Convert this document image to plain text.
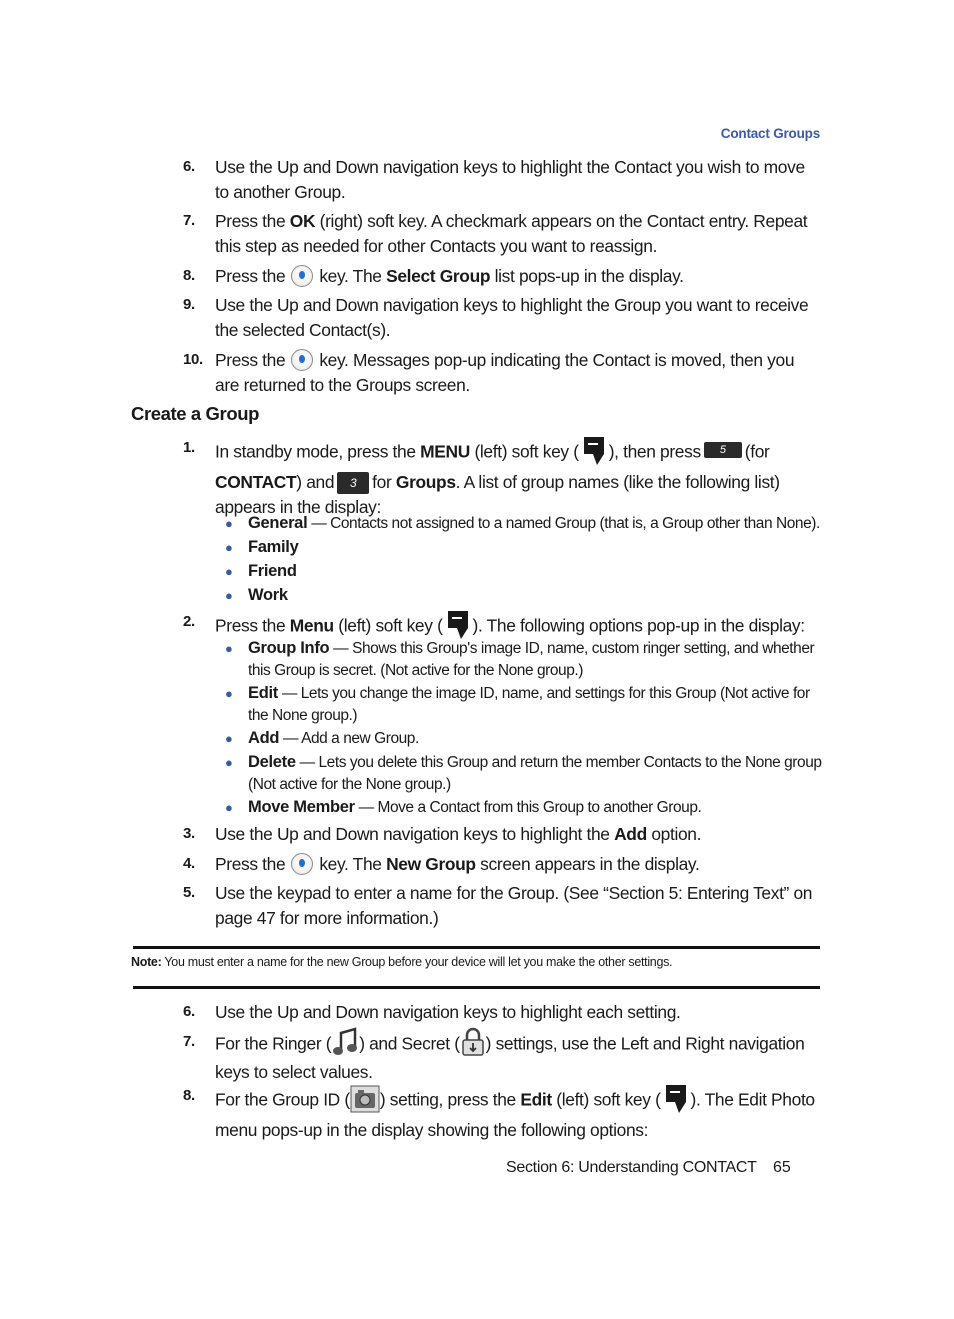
Contact Groups
6.	Use the Up and Down navigation keys to highlight the Contact you wish to move to another Group.
7.	Press the OK (right) soft key. A checkmark appears on the Contact entry. Repeat this step as needed for other Contacts you want to reassign.
8.	Press the key. The Select Group list pops-up in the display.
9.	Use the Up and Down navigation keys to highlight the Group you want to receive the selected Contact(s).
10. Press the key. Messages pop-up indicating the Contact is moved, then you are returned to the Groups screen.
Create a Group
1.	In standby mode, press the MENU (left) soft key ( ), then press 5 (for
CONTACT) and 3 for Groups. A list of group names (like the following list) appears in the display:
● General — Contacts not assigned to a named Group (that is, a Group other than None).
● Family
● Friend
● Work
2.	Press the Menu (left) soft key ( ). The following options pop-up in the display:
● Group Info — Shows this Group's image ID, name, custom ringer setting, and whether this Group is secret. (Not active for the None group.)
● Edit — Lets you change the image ID, name, and settings for this Group (Not active for the None group.)
● Add — Add a new Group.
● Delete — Lets you delete this Group and return the member Contacts to the None group (Not active for the None group.)
● Move Member — Move a Contact from this Group to another Group.
3.	Use the Up and Down navigation keys to highlight the Add option.
4.	Press the key. The New Group screen appears in the display.
5.	Use the keypad to enter a name for the Group. (See “Section 5: Entering Text” on page 47 for more information.)
Note: You must enter a name for the new Group before your device will let you make the other settings.
6.	Use the Up and Down navigation keys to highlight each setting.
7.	For the Ringer ( ) and Secret ( ) settings, use the Left and Right navigation keys to select values.
8.	For the Group ID ( ) setting, press the Edit (left) soft key ( ). The Edit Photo menu pops-up in the display showing the following options:
Section 6: Understanding CONTACT 65
